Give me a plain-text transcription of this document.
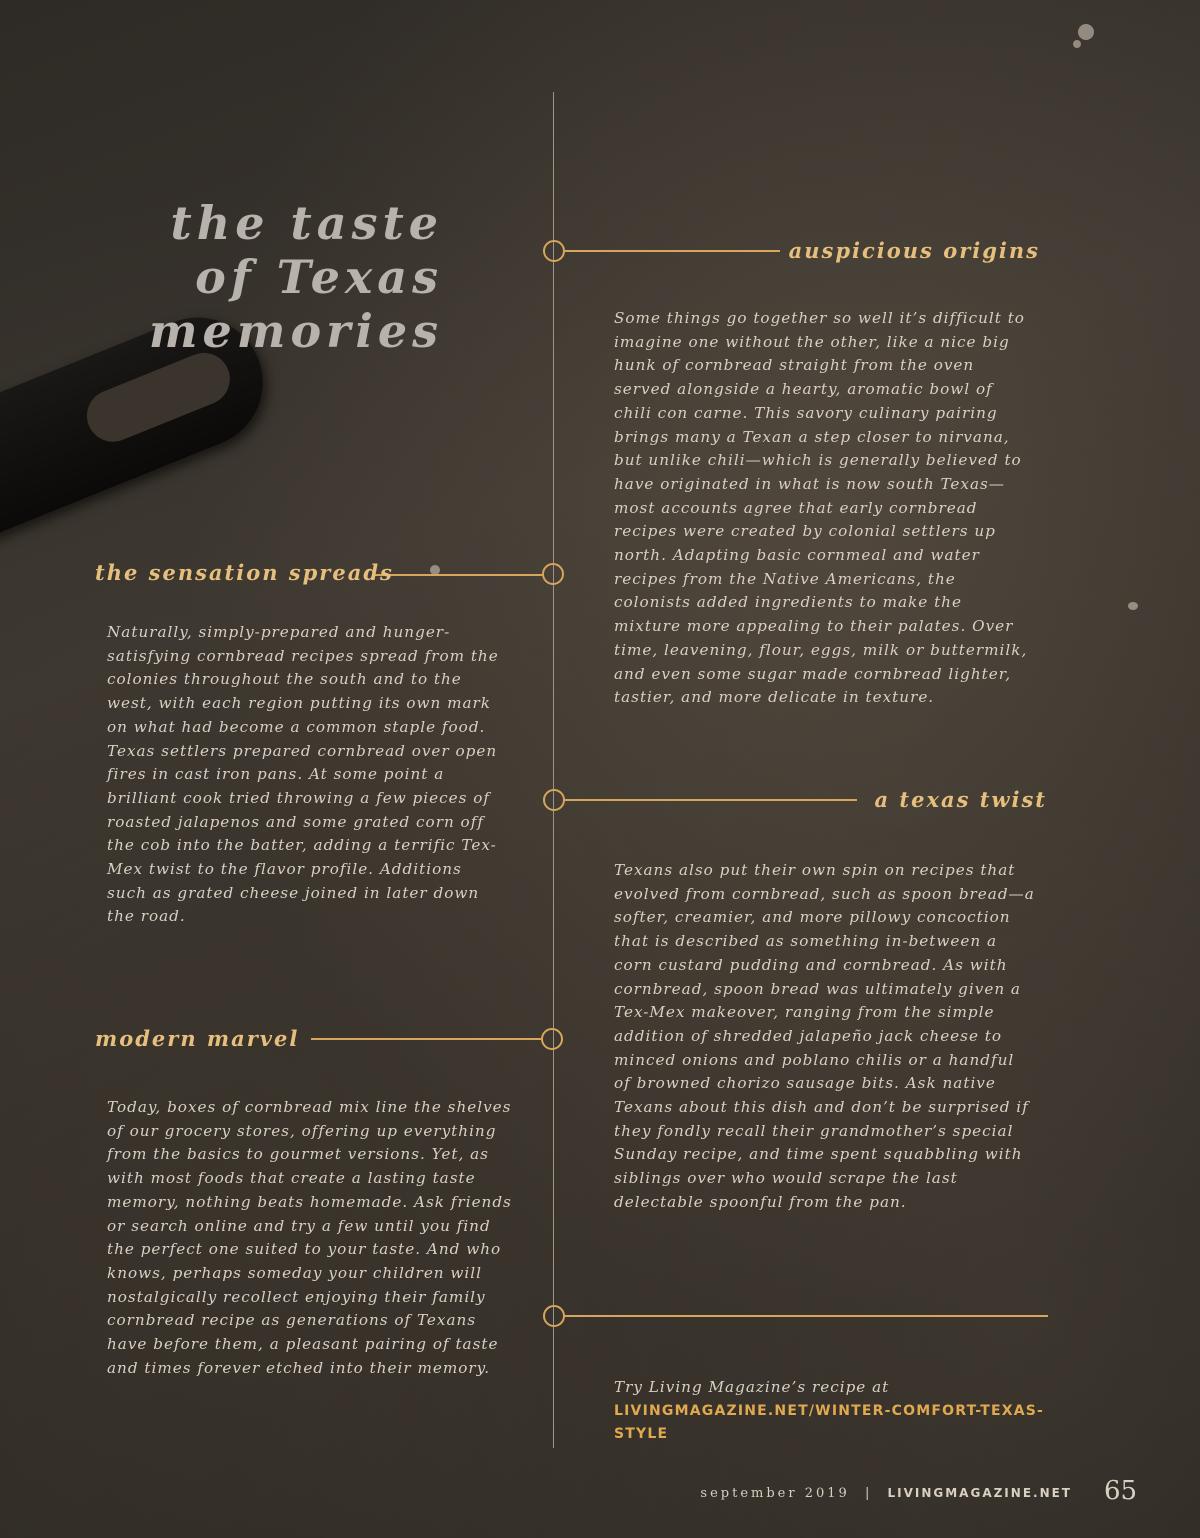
the taste
of Texas
memories
auspicious origins
Some things go together so well it’s difficult to imagine one without the other, like a nice big hunk of cornbread straight from the oven served alongside a hearty, aromatic bowl of chili con carne. This savory culinary pairing brings many a Texan a step closer to nirvana, but unlike chili—which is generally believed to have originated in what is now south Texas—most accounts agree that early cornbread recipes were created by colonial settlers up north. Adapting basic cornmeal and water recipes from the Native Americans, the colonists added ingredients to make the mixture more appealing to their palates. Over time, leavening, flour, eggs, milk or buttermilk, and even some sugar made cornbread lighter, tastier, and more delicate in texture.
the sensation spreads
Naturally, simply-prepared and hunger-satisfying cornbread recipes spread from the colonies throughout the south and to the west, with each region putting its own mark on what had become a common staple food. Texas settlers prepared cornbread over open fires in cast iron pans. At some point a brilliant cook tried throwing a few pieces of roasted jalapenos and some grated corn off the cob into the batter, adding a terrific Tex-Mex twist to the flavor profile. Additions such as grated cheese joined in later down the road.
a texas twist
Texans also put their own spin on recipes that evolved from cornbread, such as spoon bread—a softer, creamier, and more pillowy concoction that is described as something in-between a corn custard pudding and cornbread. As with cornbread, spoon bread was ultimately given a Tex-Mex makeover, ranging from the simple addition of shredded jalapeño jack cheese to minced onions and poblano chilis or a handful of browned chorizo sausage bits. Ask native Texans about this dish and don’t be surprised if they fondly recall their grandmother’s special Sunday recipe, and time spent squabbling with siblings over who would scrape the last delectable spoonful from the pan.
modern marvel
Today, boxes of cornbread mix line the shelves of our grocery stores, offering up everything from the basics to gourmet versions. Yet, as with most foods that create a lasting taste memory, nothing beats homemade. Ask friends or search online and try a few until you find the perfect one suited to your taste. And who knows, perhaps someday your children will nostalgically recollect enjoying their family cornbread recipe as generations of Texans have before them, a pleasant pairing of taste and times forever etched into their memory.
Try Living Magazine’s recipe at
LIVINGMAGAZINE.NET/WINTER-COMFORT-TEXAS-STYLE
september 2019 | LIVINGMAGAZINE.NET 65
